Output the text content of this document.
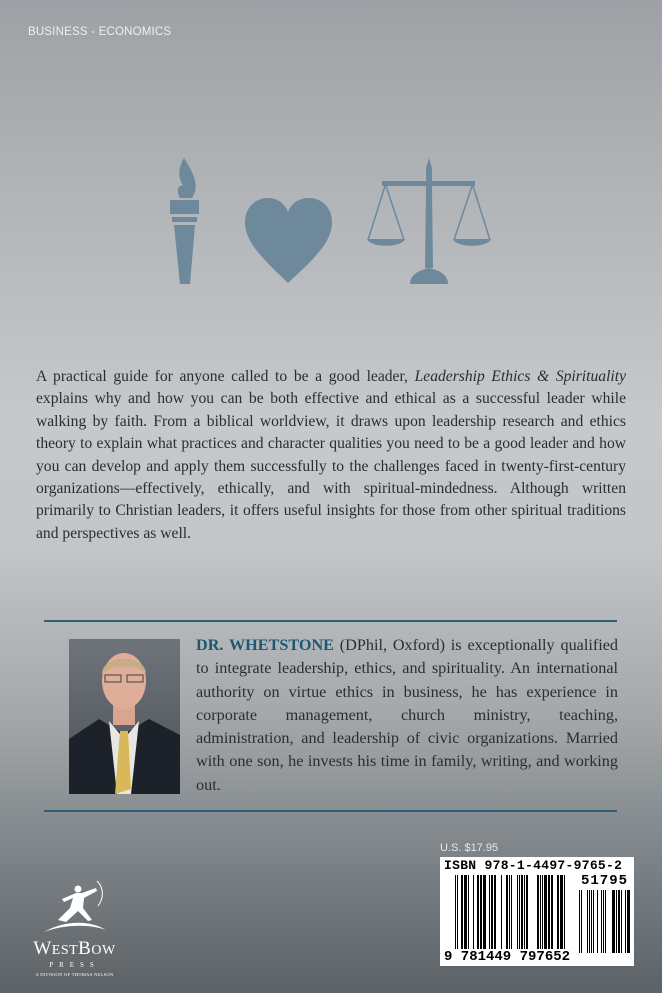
BUSINESS - ECONOMICS
A practical guide for anyone called to be a good leader, Leadership Ethics & Spirituality explains why and how you can be both effective and ethical as a successful leader while walking by faith. From a biblical worldview, it draws upon leadership research and ethics theory to explain what practices and character qualities you need to be a good leader and how you can develop and apply them successfully to the challenges faced in twenty-first-century organizations—effectively, ethically, and with spiritual-mindedness. Although written primarily to Christian leaders, it offers useful insights for those from other spiritual traditions and perspectives as well.
DR. WHETSTONE (DPhil, Oxford) is exceptionally qualified to integrate leadership, ethics, and spirituality. An international authority on virtue ethics in business, he has experience in corporate management, church ministry, teaching, administration, and leadership of civic organizations. Married with one son, he invests his time in family, writing, and working out.
WESTBOW
PRESS
A DIVISION OF THOMAS NELSON
U.S. $17.95
ISBN 978-1-4497-9765-2
51795
9 781449 797652
